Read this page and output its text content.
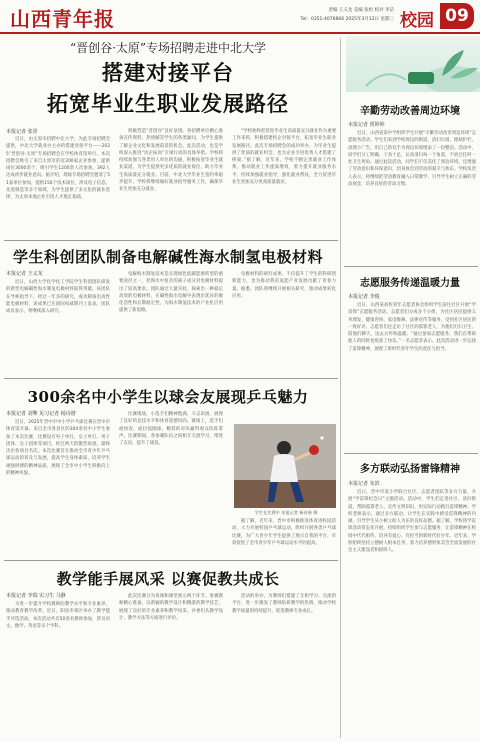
山西青年报	责编 王义龙 美编 张恒 校对 李洁
Tel：0351-4076866 2025年3月12日 星期三 校园 09
“晋创谷·太原”专场招聘走进中北大学
搭建对接平台
拓宽毕业生职业发展路径
本报记者 张彤
近日，由太原市招聘中北大学，为此专场招聘会提供，中北大学就业办主办的搭建对接平台——2025“晋创谷·太原”专场招聘会在学校体育馆举行。本次招聘会吸引了来自太原市的近200家企业参加，提供岗位3000余个，吸引学生1200余人次参加，392人达成初步就业意向。据介绍，现场专场招聘会邀请了51家单位参加，提供156个技术岗位，涉及电子信息、先进制造等多个领域，为学生提供了多元化的就业选择，为太原本地企业引进人才奠定基础。
积极营造“晋创谷”良好氛围。各招聘单位精心准备宣传资料，热情解答学生的各类疑问，为学生提供了解企业文化和发展前景的机会。此次活动，也是学校深入推进“访企拓岗”专项行动的具体举措。学校将持续加强与各类用人单位的沟通，积极拓宽毕业生就业渠道，为学生提供更多优质的就业岗位，助力毕业生高质量充分就业。目前，中北大学毕业生签约率稳步提升，学校将继续做好就业指导服务工作，确保毕业生更加充分就业。
“学校始终把促进毕业生高质量充分就业作为重要工作来抓，积极搭建校企对接平台，拓宽毕业生职业发展路径。此次专场招聘会的成功举办，为毕业生提供了优质的就业机会，也为企业引进优秀人才搭建了桥梁。”据了解，近年来，学校不断完善就业工作体系，推动就业工作提质增效，着力提升就业服务水平，持续加强就业指导，强化就业帮扶，全力促进毕业生更加充分更高质量就业。
学生科创团队制备电解碱性海水制氢电极材料
本报记者 王义龙
近日，山西大学化学化工学院学生科创团队研发的新型电解碱性海水制氢电极材料取得突破。该团队在导师指导下，经过一年多的研究，成功制备出高性能电极材料，该成果已在国际权威期刊上发表。团队成员表示，将继续深入研究。
电解海水制氢技术是实现绿色低碳能源转型的重要途径之一，但海水中复杂的离子成分对电极材料提出了较高要求。团队通过大量实验，探索出一种稳定高效的电极材料，在碱性海水电解中表现出优异的催化活性和长期稳定性，为海水制氢技术的产业化应用提供了新思路。
电极材料的研究成果，不仅提升了学生的科研创新能力，也为推动我省氢能产业发展贡献了青春力量。据悉，团队将继续开展相关研究，推动成果转化应用。
300余名中小学生以球会友展现乒乓魅力
本报记者 刘擎 见习记者 杨诗谐
近日，2025年晋中市中小学乒乓球比赛在晋中市体育馆开幕。来自全市各县区的300余名中小学生参加了本次比赛，比赛设有男子单打、女子单打、男子团体、女子团体等项目，经过两天的激烈角逐，最终决出各项目名次。本次比赛旨在推动全市青少年乒乓球运动的普及与发展，提高学生身体素质，培养学生顽强拼搏的精神品质，展现了全市中小学生积极向上的精神风貌。
比赛现场，小选手们精神饱满，斗志昂扬，展现了良好的竞技水平和体育道德风尚。赛场上，选手们或快攻、或拉弧圈球，精彩的对决赢得观众阵阵掌声。比赛期间，各参赛队伍之间相互交流学习，增进了友谊，提升了球技。
学生在比赛中 本报记者 杨诗谐 摄
据了解，近年来，晋中市积极推进体育进校园活动，大力开展校园乒乓球运动，组织开展各类乒乓球比赛，为广大青少年学生提供了展示自我的平台，有效促进了全市青少年乒乓球运动水平的提高。
教学能手展风采 以赛促教共成长
本报记者 李瑞 实习生 马静
为进一步提升学校教师的教学水平和专业素养，推动教育教学改革，近日，阳泉市郊区举办了教学能手评选活动。本次活动共有50余名教师参加，涉及语文、数学、英语等多个学科。
此次比赛分为说课和课堂展示两个环节。参赛教师精心准备，以新颖的教学设计和精湛的教学技艺，展现了良好的专业素养和教学风采。评委们从教学设计、教学方法等方面进行评价。
活动的举办，为教师们搭建了互相学习、交流的平台，进一步激发了教师钻研教学的热情，推动学校教学质量的持续提升，促进教师专业成长。
辛勤劳动改善周边环境
本报记者 贾婷婷
近日，山西省某中学组织学生开展“辛勤劳动改善周边环境”志愿服务活动。学生们来到学校周边的街道，清扫垃圾、擦拭护栏、清理小广告，用自己的双手为周边环境增添了一份整洁。活动中，同学们分工明确、干劲十足，认真清扫每一个角落，不放过任何一处卫生死角。通过此次活动，同学们不仅美化了周边环境，还增强了劳动意识和环保意识，切身体会到劳动的艰辛与快乐。学校负责人表示，将继续把劳动教育融入日常教学，引导学生树立正确的劳动观念，培养良好的劳动习惯。
志愿服务传递温暖力量
本报记者 李俊
近日，山西某高校青年志愿者协会组织学生前往社区开展“学雷锋”志愿服务活动。志愿者们分成多个小组，为社区居民提供义务理发、健康咨询、家电维修、法律宣传等服务，受到社区居民的一致好评。志愿者们还走访了社区的孤寡老人，为他们打扫卫生、陪他们聊天，送去关怀和温暖。“通过参加志愿服务，我们在帮助他人的同时也收获了快乐。”一名志愿者表示。此次活动进一步弘扬了雷锋精神，展现了新时代青年学生的责任与担当。
多方联动弘扬雷锋精神
本报记者 朱滨
近日，晋中市某小学联合社区、志愿者团队等多方力量，开展“学雷锋纪念日”主题活动。活动中，学生们走进社区，清扫街道、帮助孤寡老人、宣传文明知识，用实际行动践行雷锋精神。学校老师表示，通过多方联动，让学生在实践中感受雷锋精神的内涵，引导学生从小树立助人为乐的良好品德。据了解，学校将学雷锋活动常态化开展，持续组织学生参与志愿服务，让雷锋精神在校园中代代相传，培养有爱心、有担当的新时代好少年。近年来，学校始终坚持立德树人根本任务，着力培养德智体美劳全面发展的社会主义建设者和接班人。
